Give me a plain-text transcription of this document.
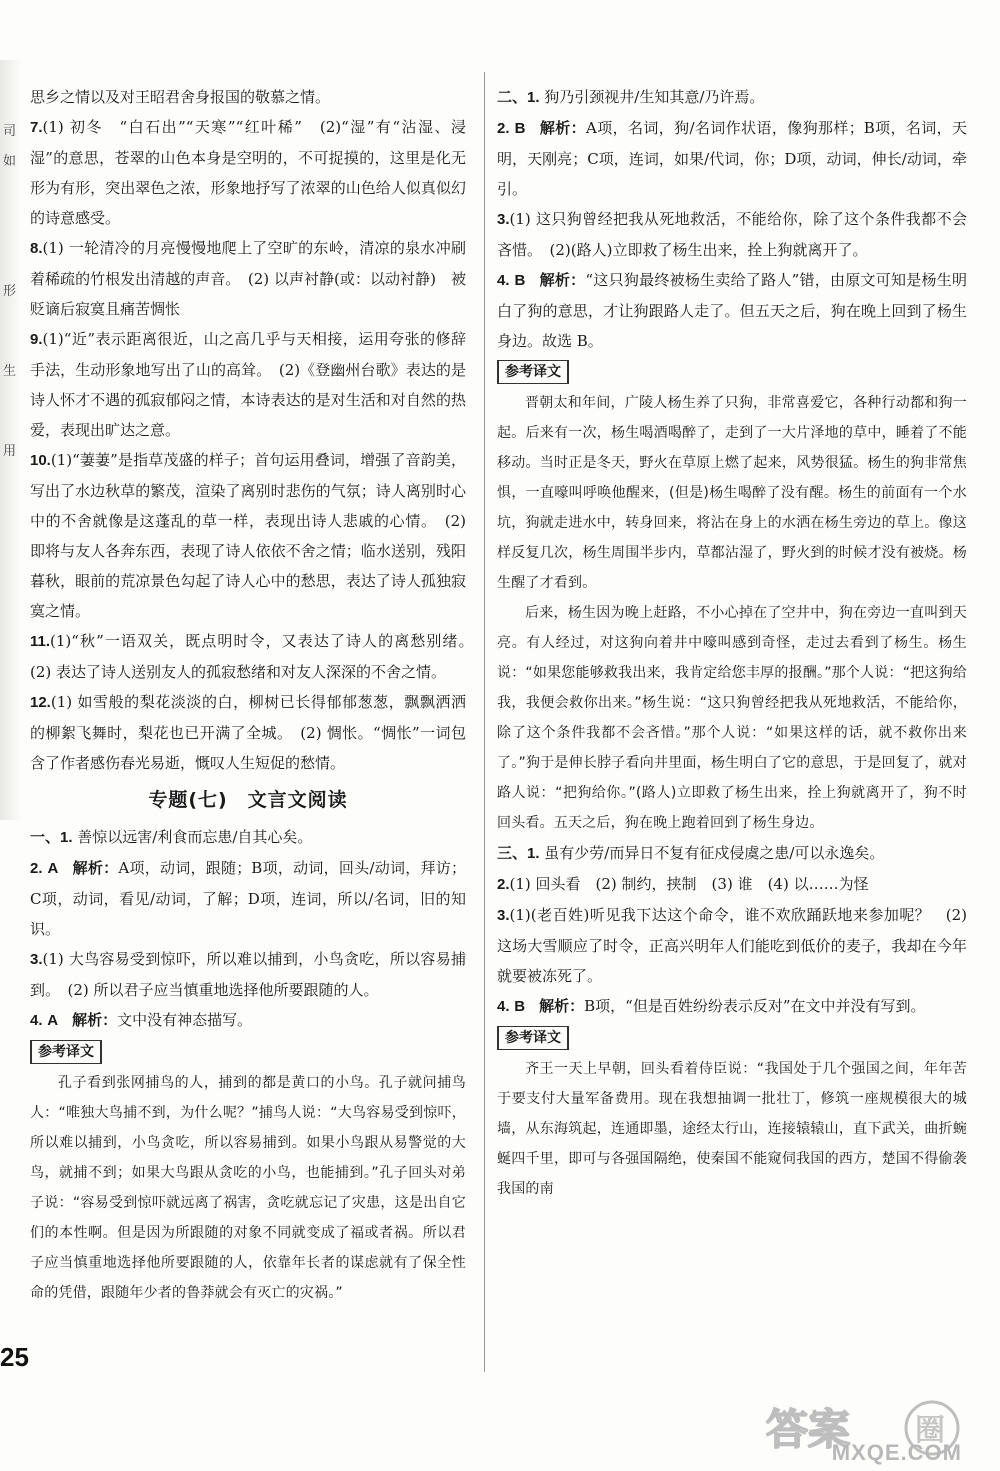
司
如
形
生
用

思乡之情以及对王昭君舍身报国的敬慕之情。

7.(1) 初冬　“白石出”“天寒”“红叶稀”　(2)“湿”有“沾湿、浸湿”的意思，苍翠的山色本身是空明的，不可捉摸的，这里是化无形为有形，突出翠色之浓，形象地抒写了浓翠的山色给人似真似幻的诗意感受。

8.(1) 一轮清冷的月亮慢慢地爬上了空旷的东岭，清凉的泉水冲刷着稀疏的竹根发出清越的声音。　(2) 以声衬静(或：以动衬静)　被贬谪后寂寞且痛苦惆怅

9.(1)“近”表示距离很近，山之高几乎与天相接，运用夸张的修辞手法，生动形象地写出了山的高耸。　(2)《登幽州台歌》表达的是诗人怀才不遇的孤寂郁闷之情，本诗表达的是对生活和对自然的热爱，表现出旷达之意。

10.(1)“萋萋”是指草茂盛的样子；首句运用叠词，增强了音韵美，写出了水边秋草的繁茂，渲染了离别时悲伤的气氛；诗人离别时心中的不舍就像是这蓬乱的草一样，表现出诗人悲戚的心情。　(2) 即将与友人各奔东西，表现了诗人依依不舍之情；临水送别，残阳暮秋，眼前的荒凉景色勾起了诗人心中的愁思，表达了诗人孤独寂寞之情。

11.(1)“秋”一语双关，既点明时令，又表达了诗人的离愁别绪。　(2) 表达了诗人送别友人的孤寂愁绪和对友人深深的不舍之情。

12.(1) 如雪般的梨花淡淡的白，柳树已长得郁郁葱葱，飘飘洒洒的柳絮飞舞时，梨花也已开满了全城。　(2) 惆怅。“惆怅”一词包含了作者感伤春光易逝，慨叹人生短促的愁情。

专题(七)　文言文阅读

一、1. 善惊以远害/利食而忘患/自其心矣。

2. A 解析：A项，动词，跟随；B项，动词，回头/动词，拜访；C项，动词，看见/动词，了解；D项，连词，所以/名词，旧的知识。

3.(1) 大鸟容易受到惊吓，所以难以捕到，小鸟贪吃，所以容易捕到。　(2) 所以君子应当慎重地选择他所要跟随的人。

4. A 解析：文中没有神态描写。

参考译文

孔子看到张网捕鸟的人，捕到的都是黄口的小鸟。孔子就问捕鸟人：“唯独大鸟捕不到，为什么呢？”捕鸟人说：“大鸟容易受到惊吓，所以难以捕到，小鸟贪吃，所以容易捕到。如果小鸟跟从易警觉的大鸟，就捕不到；如果大鸟跟从贪吃的小鸟，也能捕到。”孔子回头对弟子说：“容易受到惊吓就远离了祸害，贪吃就忘记了灾患，这是出自它们的本性啊。但是因为所跟随的对象不同就变成了福或者祸。所以君子应当慎重地选择他所要跟随的人，依靠年长者的谋虑就有了保全性命的凭借，跟随年少者的鲁莽就会有灭亡的灾祸。”

二、1. 狗乃引颈视井/生知其意/乃许焉。

2. B 解析：A项，名词，狗/名词作状语，像狗那样；B项，名词，天明，天刚亮；C项，连词，如果/代词，你；D项，动词，伸长/动词，牵引。

3.(1) 这只狗曾经把我从死地救活，不能给你，除了这个条件我都不会吝惜。　(2)(路人)立即救了杨生出来，拴上狗就离开了。

4. B 解析：“这只狗最终被杨生卖给了路人”错，由原文可知是杨生明白了狗的意思，才让狗跟路人走了。但五天之后，狗在晚上回到了杨生身边。故选 B。

参考译文

晋朝太和年间，广陵人杨生养了只狗，非常喜爱它，各种行动都和狗一起。后来有一次，杨生喝酒喝醉了，走到了一大片泽地的草中，睡着了不能移动。当时正是冬天，野火在草原上燃了起来，风势很猛。杨生的狗非常焦惧，一直嚎叫呼唤他醒来，(但是)杨生喝醉了没有醒。杨生的前面有一个水坑，狗就走进水中，转身回来，将沾在身上的水洒在杨生旁边的草上。像这样反复几次，杨生周围半步内，草都沾湿了，野火到的时候才没有被烧。杨生醒了才看到。

后来，杨生因为晚上赶路，不小心掉在了空井中，狗在旁边一直叫到天亮。有人经过，对这狗向着井中嚎叫感到奇怪，走过去看到了杨生。杨生说：“如果您能够救我出来，我肯定给您丰厚的报酬。”那个人说：“把这狗给我，我便会救你出来。”杨生说：“这只狗曾经把我从死地救活，不能给你，除了这个条件我都不会吝惜。”那个人说：“如果这样的话，就不救你出来了。”狗于是伸长脖子看向井里面，杨生明白了它的意思，于是回复了，就对路人说：“把狗给你。”(路人)立即救了杨生出来，拴上狗就离开了，狗不时回头看。五天之后，狗在晚上跑着回到了杨生身边。

三、1. 虽有少劳/而异日不复有征戍侵虞之患/可以永逸矣。

2.(1) 回头看　(2) 制约，挟制　(3) 谁　(4) 以……为怪

3.(1)(老百姓)听见我下达这个命令，谁不欢欣踊跃地来参加呢？　(2) 这场大雪顺应了时令，正高兴明年人们能吃到低价的麦子，我却在今年就要被冻死了。

4. B 解析：B项，“但是百姓纷纷表示反对”在文中并没有写到。

参考译文

齐王一天上早朝，回头看着侍臣说：“我国处于几个强国之间，年年苦于要支付大量军备费用。现在我想抽调一批壮丁，修筑一座规模很大的城墙，从东海筑起，连通即墨，途经太行山，连接辕辕山，直下武关，曲折蜿蜒四千里，即可与各强国隔绝，使秦国不能窥伺我国的西方，楚国不得偷袭我国的南

25
答案 圈
MXQE.COM
